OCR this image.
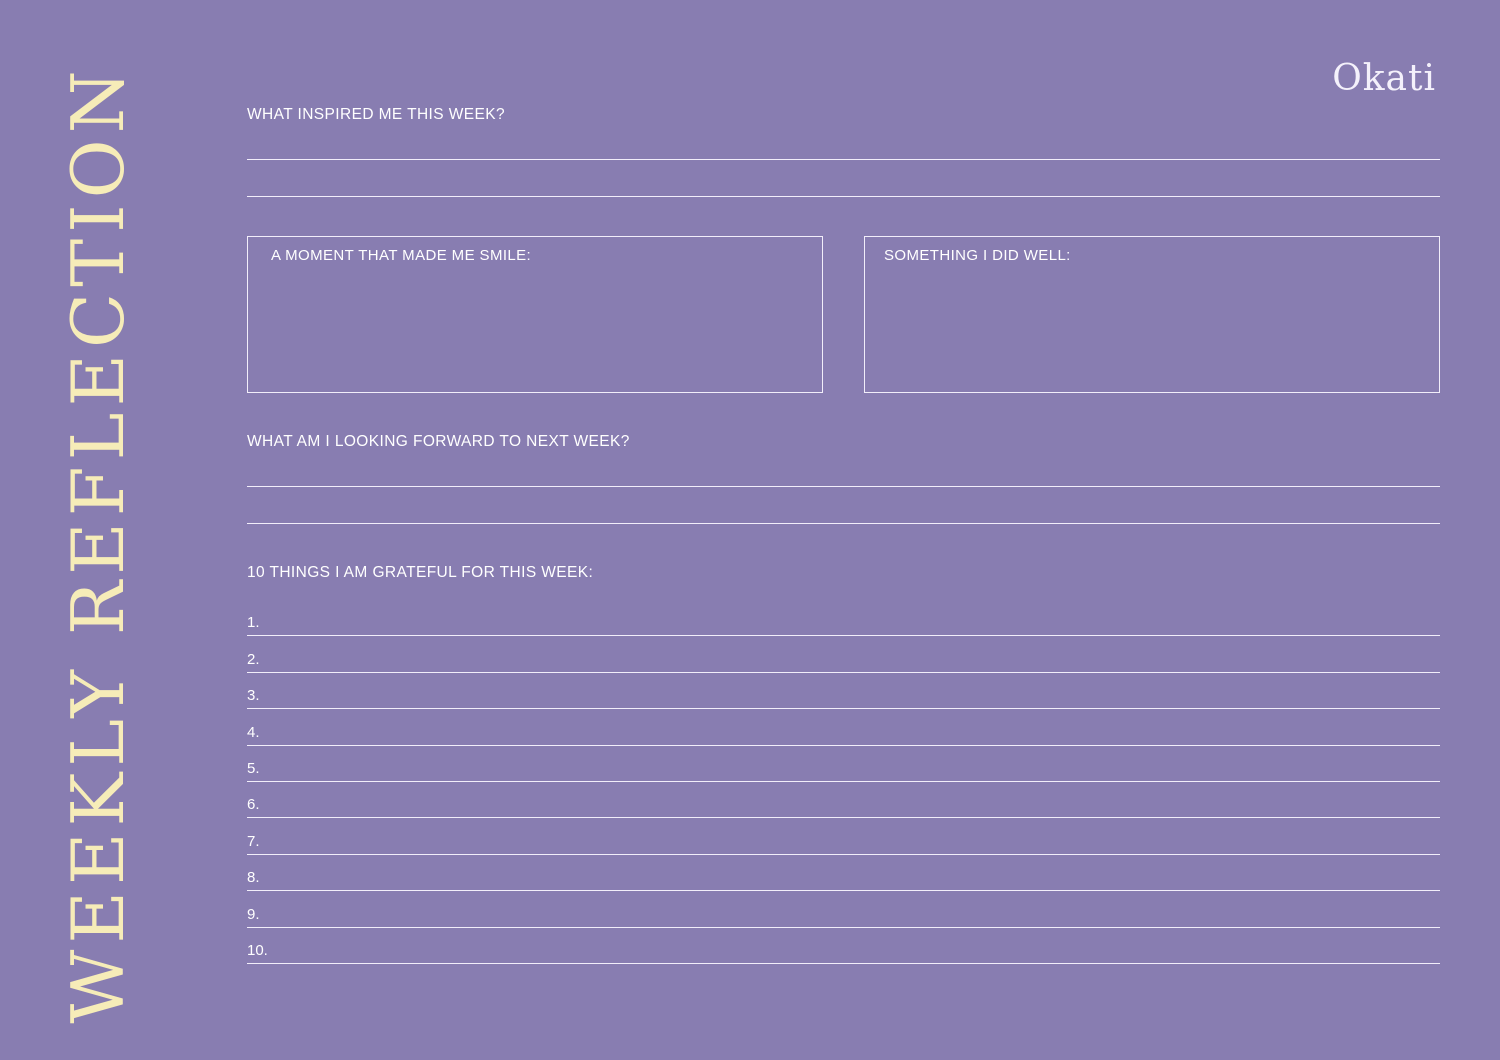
WEEKLY REFLECTION	Okati
WHAT INSPIRED ME THIS WEEK?
A MOMENT THAT MADE ME SMILE:	SOMETHING I DID WELL:
WHAT AM I LOOKING FORWARD TO NEXT WEEK?
10 THINGS I AM GRATEFUL FOR THIS WEEK:
1.
2.
3.
4.
5.
6.
7.
8.
9.
10.
